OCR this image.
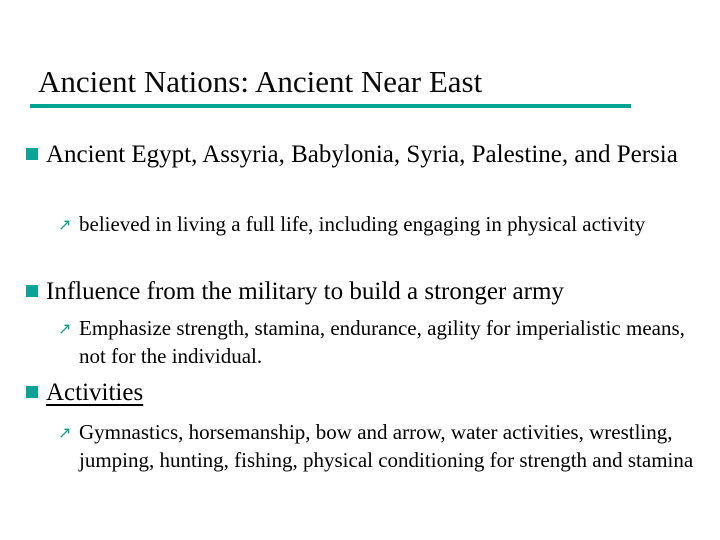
Ancient Nations: Ancient Near East
Ancient Egypt, Assyria, Babylonia, Syria, Palestine, and Persia
↗ believed in living a full life, including engaging in physical activity
Influence from the military to build a stronger army
↗ Emphasize strength, stamina, endurance, agility for imperialistic means, not for the individual.
Activities
↗ Gymnastics, horsemanship, bow and arrow, water activities, wrestling, jumping, hunting, fishing, physical conditioning for strength and stamina
